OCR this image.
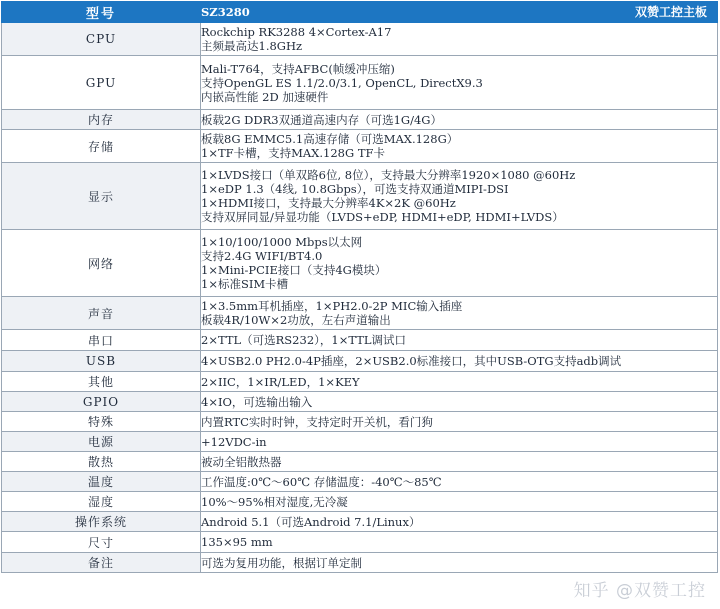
型号	SZ3280 双赞工控主板

CPU	Rockchip RK3288 4×Cortex-A17
主频最高达1.8GHz

GPU	Mali-T764，支持AFBC(帧缓冲压缩)
支持OpenGL ES 1.1/2.0/3.1, OpenCL, DirectX9.3
内嵌高性能 2D 加速硬件

内存	板载2G DDR3双通道高速内存（可选1G/4G）

存储	板载8G EMMC5.1高速存储（可选MAX.128G）
1×TF卡槽，支持MAX.128G TF卡

显示	1×LVDS接口（单双路6位, 8位），支持最大分辨率1920×1080 @60Hz
1×eDP 1.3（4线, 10.8Gbps），可选支持双通道MIPI-DSI
1×HDMI接口，支持最大分辨率4K×2K @60Hz
支持双屏同显/异显功能（LVDS+eDP, HDMI+eDP, HDMI+LVDS）

网络	1×10/100/1000 Mbps以太网
支持2.4G WIFI/BT4.0
1×Mini-PCIE接口（支持4G模块）
1×标准SIM卡槽

声音	1×3.5mm耳机插座，1×PH2.0-2P MIC输入插座
板载4R/10W×2功放，左右声道输出

串口	2×TTL（可选RS232），1×TTL调试口

USB	4×USB2.0 PH2.0-4P插座，2×USB2.0标准接口，其中USB-OTG支持adb调试

其他	2×IIC，1×IR/LED，1×KEY

GPIO	4×IO，可选输出输入

特殊	内置RTC实时时钟，支持定时开关机，看门狗

电源	+12VDC-in

散热	被动全铝散热器

温度	工作温度:0℃～60℃ 存储温度：-40℃～85℃

湿度	10%～95%相对湿度,无冷凝

操作系统	Android 5.1（可选Android 7.1/Linux）

尺寸	135×95 mm

备注	可选为复用功能，根据订单定制
知乎 @双赞工控
